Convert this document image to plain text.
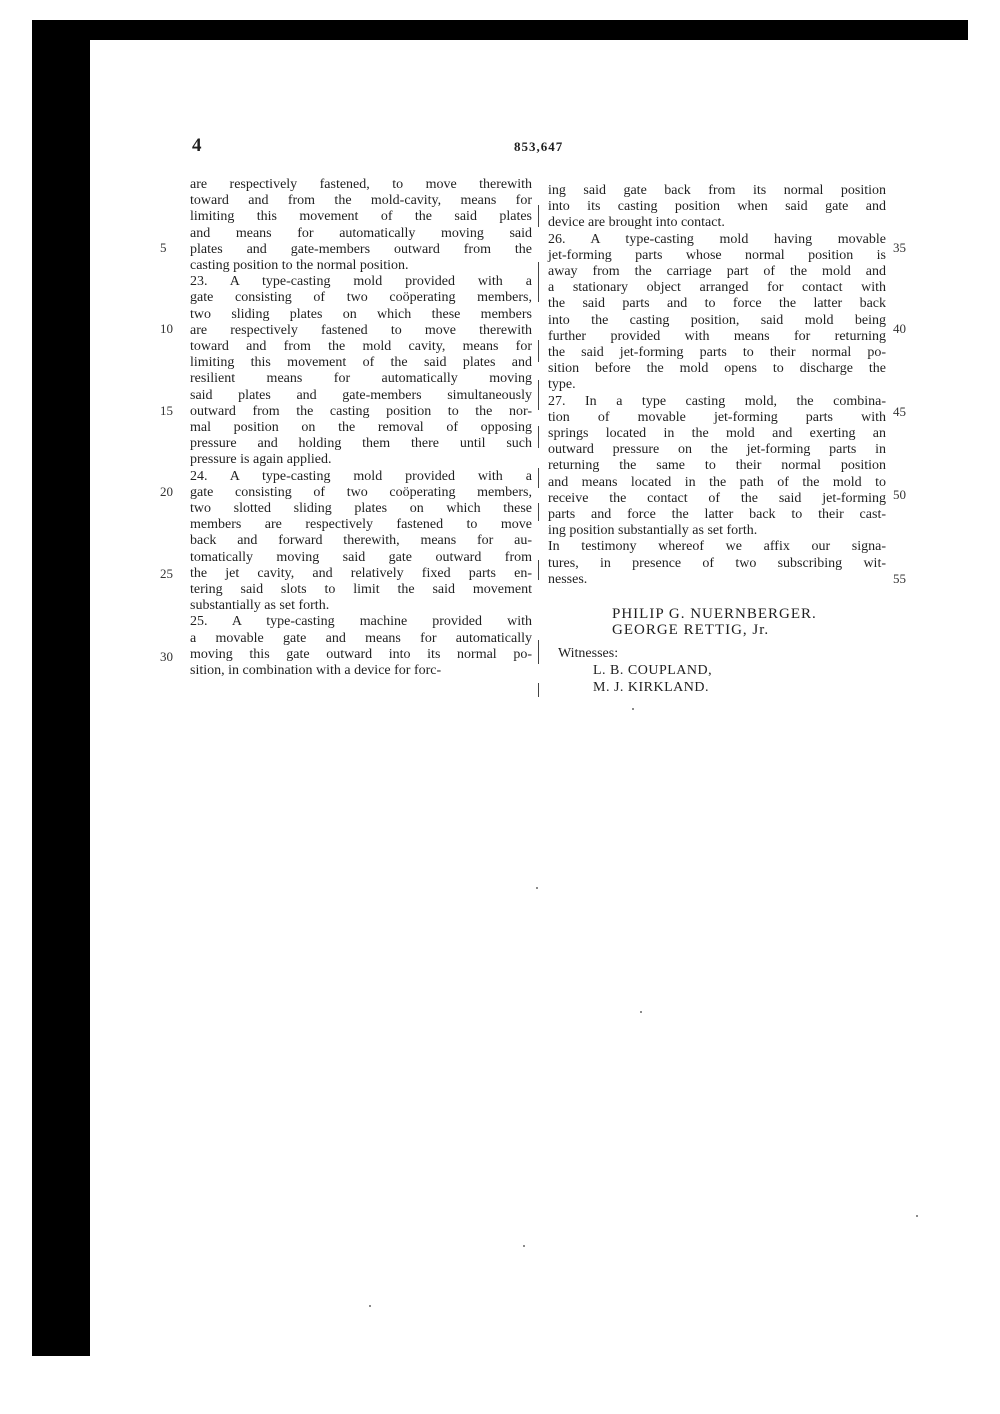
4	853,647

are respectively fastened, to move therewith

toward and from the mold-cavity, means for

limiting this movement of the said plates

and means for automatically moving said

plates and gate-members outward from the

casting position to the normal position.

23. A type-casting mold provided with a

gate consisting of two coöperating members,

two sliding plates on which these members

are respectively fastened to move therewith

toward and from the mold cavity, means for

limiting this movement of the said plates and

resilient means for automatically moving

said plates and gate-members simultaneously

outward from the casting position to the nor-

mal position on the removal of opposing

pressure and holding them there until such

pressure is again applied.

24. A type-casting mold provided with a

gate consisting of two coöperating members,

two slotted sliding plates on which these

members are respectively fastened to move

back and forward therewith, means for au-

tomatically moving said gate outward from

the jet cavity, and relatively fixed parts en-

tering said slots to limit the said movement

substantially as set forth.

25. A type-casting machine provided with

a movable gate and means for automatically

moving this gate outward into its normal po-

sition, in combination with a device for forc-

ing said gate back from its normal position

into its casting position when said gate and

device are brought into contact.

26. A type-casting mold having movable

jet-forming parts whose normal position is

away from the carriage part of the mold and

a stationary object arranged for contact with

the said parts and to force the latter back

into the casting position, said mold being

further provided with means for returning

the said jet-forming parts to their normal po-

sition before the mold opens to discharge the

type.

27. In a type casting mold, the combina-

tion of movable jet-forming parts with

springs located in the mold and exerting an

outward pressure on the jet-forming parts in

returning the same to their normal position

and means located in the path of the mold to

receive the contact of the said jet-forming

parts and force the latter back to their cast-

ing position substantially as set forth.

In testimony whereof we affix our signa-

tures, in presence of two subscribing wit-

nesses.

5
10
15
20
25
30
35
40
45
50
55
PHILIP G. NUERNBERGER.
GEORGE RETTIG, Jr.
Witnesses:
L. B. COUPLAND,
M. J. KIRKLAND.
